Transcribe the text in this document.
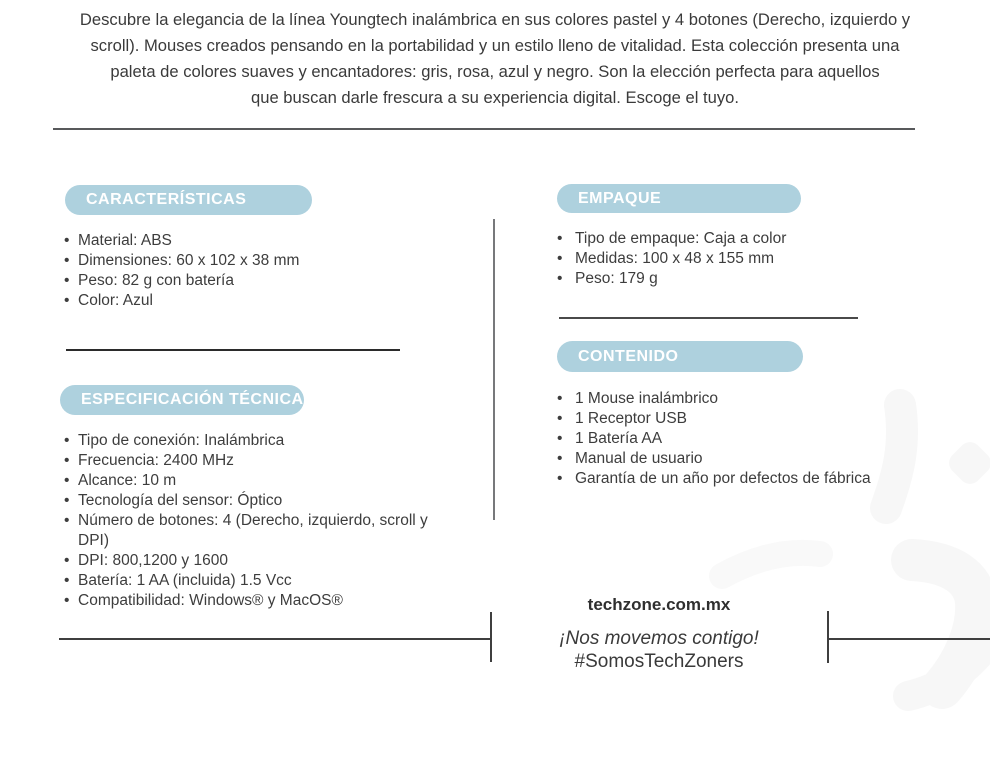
Descubre la elegancia de la línea Youngtech inalámbrica en sus colores pastel y 4 botones (Derecho, izquierdo y
scroll). Mouses creados pensando en la portabilidad y un estilo lleno de vitalidad. Esta colección presenta una
paleta de colores suaves y encantadores: gris, rosa, azul y negro. Son la elección perfecta para aquellos
que buscan darle frescura a su experiencia digital. Escoge el tuyo.
CARACTERÍSTICAS
• Material: ABS
• Dimensiones: 60 x 102 x 38 mm
• Peso: 82 g con batería
• Color: Azul
ESPECIFICACIÓN TÉCNICA
• Tipo de conexión: Inalámbrica
• Frecuencia: 2400 MHz
• Alcance: 10 m
• Tecnología del sensor: Óptico
• Número de botones: 4 (Derecho, izquierdo, scroll y DPI)
• DPI: 800,1200 y 1600
• Batería: 1 AA (incluida) 1.5 Vcc
• Compatibilidad: Windows® y MacOS®
EMPAQUE
• Tipo de empaque: Caja a color
• Medidas: 100 x 48 x 155 mm
• Peso: 179 g
CONTENIDO
• 1 Mouse inalámbrico
• 1 Receptor USB
• 1 Batería AA
• Manual de usuario
• Garantía de un año por defectos de fábrica
techzone.com.mx
¡Nos movemos contigo!
#SomosTechZoners
